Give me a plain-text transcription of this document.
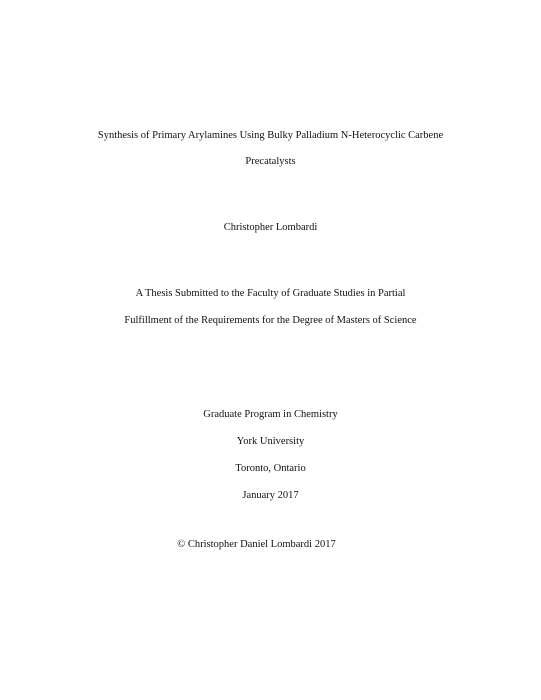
Synthesis of Primary Arylamines Using Bulky Palladium N-Heterocyclic Carbene
Precatalysts
Christopher Lombardi
A Thesis Submitted to the Faculty of Graduate Studies in Partial
Fulfillment of the Requirements for the Degree of Masters of Science
Graduate Program in Chemistry
York University
Toronto, Ontario
January 2017
© Christopher Daniel Lombardi 2017
